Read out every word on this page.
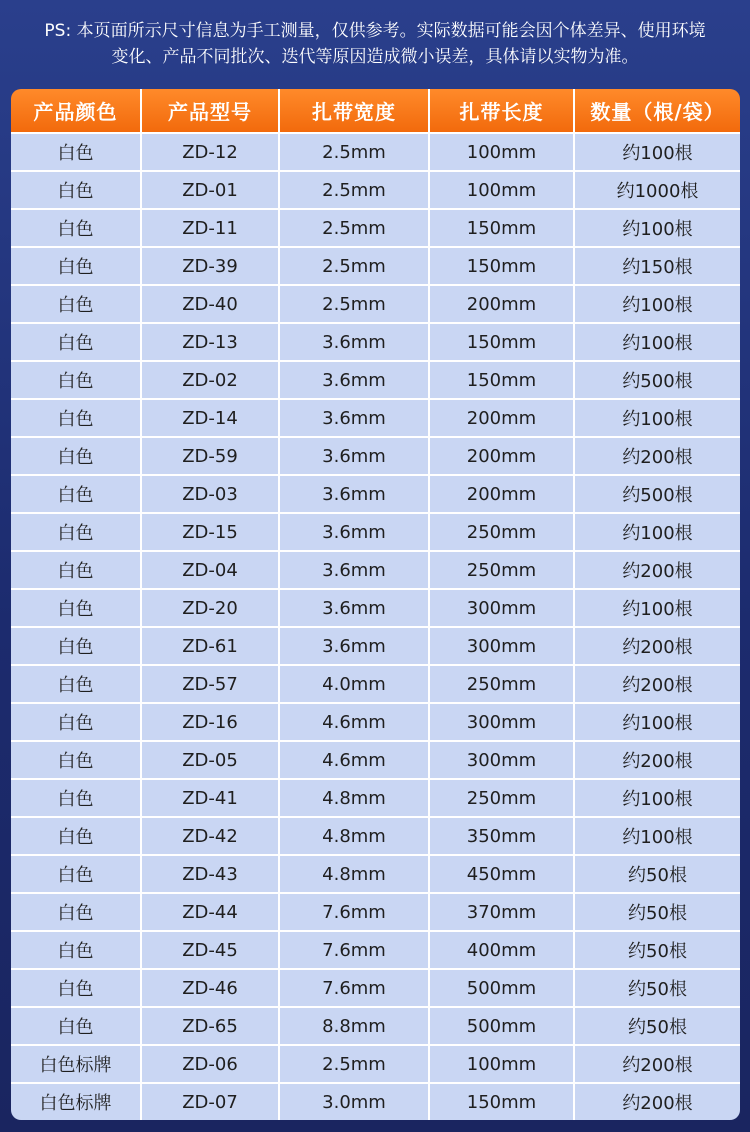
PS: 本页面所示尺寸信息为手工测量，仅供参考。实际数据可能会因个体差异、使用环境
变化、产品不同批次、迭代等原因造成微小误差，具体请以实物为准。
产品颜色	产品型号	扎带宽度	扎带长度	数量（根/袋）
白色	ZD-12	2.5mm	100mm	约100根
白色	ZD-01	2.5mm	100mm	约1000根
白色	ZD-11	2.5mm	150mm	约100根
白色	ZD-39	2.5mm	150mm	约150根
白色	ZD-40	2.5mm	200mm	约100根
白色	ZD-13	3.6mm	150mm	约100根
白色	ZD-02	3.6mm	150mm	约500根
白色	ZD-14	3.6mm	200mm	约100根
白色	ZD-59	3.6mm	200mm	约200根
白色	ZD-03	3.6mm	200mm	约500根
白色	ZD-15	3.6mm	250mm	约100根
白色	ZD-04	3.6mm	250mm	约200根
白色	ZD-20	3.6mm	300mm	约100根
白色	ZD-61	3.6mm	300mm	约200根
白色	ZD-57	4.0mm	250mm	约200根
白色	ZD-16	4.6mm	300mm	约100根
白色	ZD-05	4.6mm	300mm	约200根
白色	ZD-41	4.8mm	250mm	约100根
白色	ZD-42	4.8mm	350mm	约100根
白色	ZD-43	4.8mm	450mm	约50根
白色	ZD-44	7.6mm	370mm	约50根
白色	ZD-45	7.6mm	400mm	约50根
白色	ZD-46	7.6mm	500mm	约50根
白色	ZD-65	8.8mm	500mm	约50根
白色标牌	ZD-06	2.5mm	100mm	约200根
白色标牌	ZD-07	3.0mm	150mm	约200根
